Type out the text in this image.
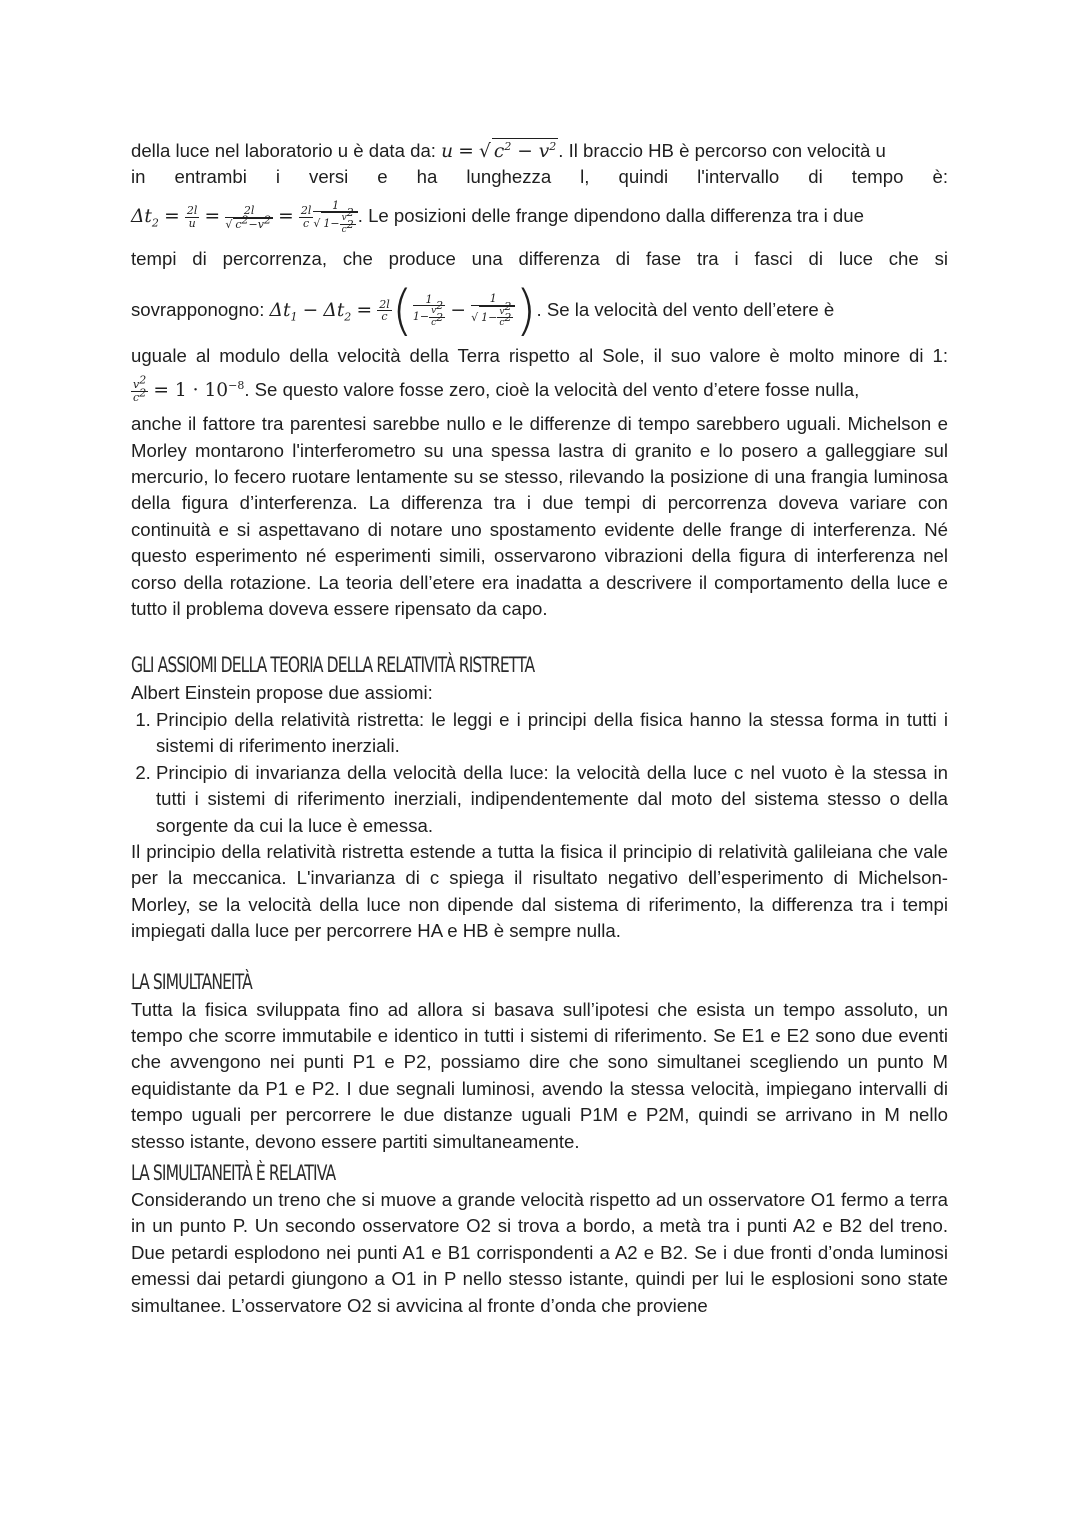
della luce nel laboratorio u è data da: u = √ $c^2 - v^2$ . Il braccio HB è percorso con velocità u

in entrambi i versi e ha lunghezza l, quindi l'intervallo di tempo è:

$\Delta t_2 = \frac{2l}{u} = \frac{2l}{√ c^2-v^2} = \frac{2l}{c} \frac{1}{√ 1- \frac{v^2}{c^2}}$ . Le posizioni delle frange dipendono dalla differenza tra i due

tempi di percorrenza, che produce una differenza di fase tra i fasci di luce che si

sovrapponogno: $\Delta t_1 - \Delta t_2 = \frac{2l}{c}$ ( $\frac{1}{1- \frac{v^2}{c^2}} - \frac{1}{√ 1- \frac{v^2}{c^2}}$ ). Se la velocità del vento dell’etere è

uguale al modulo della velocità della Terra rispetto al Sole, il suo valore è molto minore di 1:

$\frac{v^2}{c^2} = 1 \cdot 10^{-8}$. Se questo valore fosse zero, cioè la velocità del vento d’etere fosse nulla,

anche il fattore tra parentesi sarebbe nullo e le differenze di tempo sarebbero uguali. Michelson e Morley montarono l'interferometro su una spessa lastra di granito e lo posero a galleggiare sul mercurio, lo fecero ruotare lentamente su se stesso, rilevando la posizione di una frangia luminosa della figura d’interferenza. La differenza tra i due tempi di percorrenza doveva variare con continuità e si aspettavano di notare uno spostamento evidente delle frange di interferenza. Né questo esperimento né esperimenti simili, osservarono vibrazioni della figura di interferenza nel corso della rotazione. La teoria dell’etere era inadatta a descrivere il comportamento della luce e tutto il problema doveva essere ripensato da capo.

GLI ASSIOMI DELLA TEORIA DELLA RELATIVITÀ RISTRETTA

Albert Einstein propose due assiomi:

1. Principio della relatività ristretta: le leggi e i principi della fisica hanno la stessa forma in tutti i sistemi di riferimento inerziali.
2. Principio di invarianza della velocità della luce: la velocità della luce c nel vuoto è la stessa in tutti i sistemi di riferimento inerziali, indipendentemente dal moto del sistema stesso o della sorgente da cui la luce è emessa.

Il principio della relatività ristretta estende a tutta la fisica il principio di relatività galileiana che vale per la meccanica. L'invarianza di c spiega il risultato negativo dell’esperimento di Michelson-Morley, se la velocità della luce non dipende dal sistema di riferimento, la differenza tra i tempi impiegati dalla luce per percorrere HA e HB è sempre nulla.

LA SIMULTANEITÀ

Tutta la fisica sviluppata fino ad allora si basava sull’ipotesi che esista un tempo assoluto, un tempo che scorre immutabile e identico in tutti i sistemi di riferimento. Se E1 e E2 sono due eventi che avvengono nei punti P1 e P2, possiamo dire che sono simultanei scegliendo un punto M equidistante da P1 e P2. I due segnali luminosi, avendo la stessa velocità, impiegano intervalli di tempo uguali per percorrere le due distanze uguali P1M e P2M, quindi se arrivano in M nello stesso istante, devono essere partiti simultaneamente.

LA SIMULTANEITÀ È RELATIVA

Considerando un treno che si muove a grande velocità rispetto ad un osservatore O1 fermo a terra in un punto P. Un secondo osservatore O2 si trova a bordo, a metà tra i punti A2 e B2 del treno. Due petardi esplodono nei punti A1 e B1 corrispondenti a A2 e B2. Se i due fronti d’onda luminosi emessi dai petardi giungono a O1 in P nello stesso istante, quindi per lui le esplosioni sono state simultanee. L’osservatore O2 si avvicina al fronte d’onda che proviene
